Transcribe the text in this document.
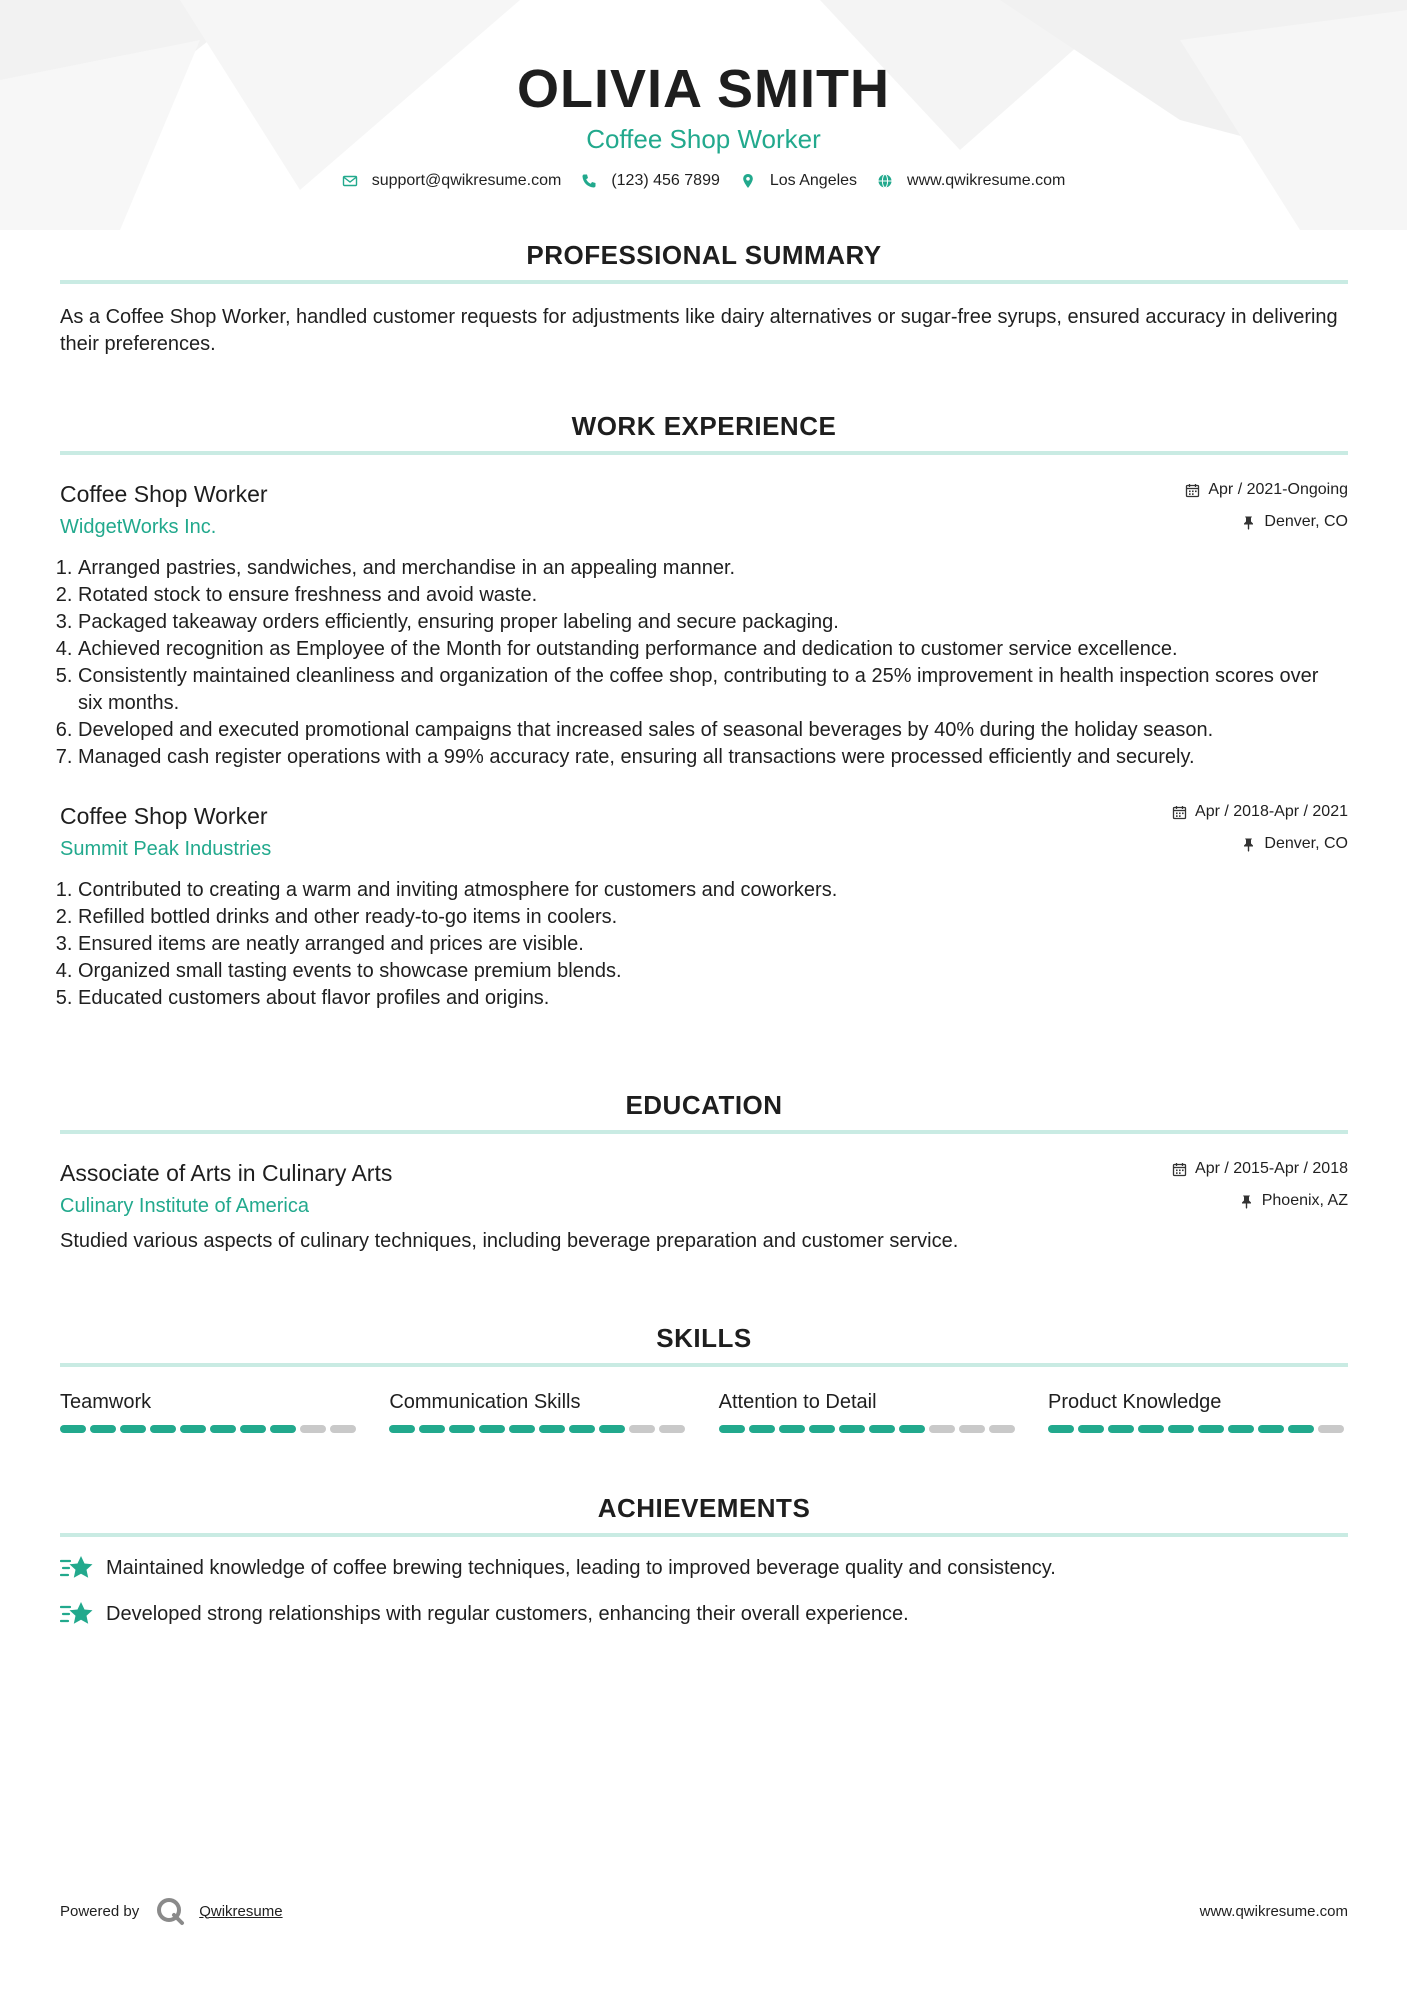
OLIVIA SMITH
Coffee Shop Worker
support@qwikresume.com	(123) 456 7899	Los Angeles	www.qwikresume.com
PROFESSIONAL SUMMARY
As a Coffee Shop Worker, handled customer requests for adjustments like dairy alternatives or sugar-free syrups, ensured accuracy in delivering their preferences.
WORK EXPERIENCE
Coffee Shop Worker
WidgetWorks Inc.
Apr / 2021-Ongoing
Denver, CO
1. Arranged pastries, sandwiches, and merchandise in an appealing manner.
2. Rotated stock to ensure freshness and avoid waste.
3. Packaged takeaway orders efficiently, ensuring proper labeling and secure packaging.
4. Achieved recognition as Employee of the Month for outstanding performance and dedication to customer service excellence.
5. Consistently maintained cleanliness and organization of the coffee shop, contributing to a 25% improvement in health inspection scores over six months.
6. Developed and executed promotional campaigns that increased sales of seasonal beverages by 40% during the holiday season.
7. Managed cash register operations with a 99% accuracy rate, ensuring all transactions were processed efficiently and securely.
Coffee Shop Worker
Summit Peak Industries
Apr / 2018-Apr / 2021
Denver, CO
1. Contributed to creating a warm and inviting atmosphere for customers and coworkers.
2. Refilled bottled drinks and other ready-to-go items in coolers.
3. Ensured items are neatly arranged and prices are visible.
4. Organized small tasting events to showcase premium blends.
5. Educated customers about flavor profiles and origins.
EDUCATION
Associate of Arts in Culinary Arts
Culinary Institute of America
Apr / 2015-Apr / 2018
Phoenix, AZ
Studied various aspects of culinary techniques, including beverage preparation and customer service.
SKILLS
Teamwork	Communication Skills	Attention to Detail	Product Knowledge
ACHIEVEMENTS
Maintained knowledge of coffee brewing techniques, leading to improved beverage quality and consistency.
Developed strong relationships with regular customers, enhancing their overall experience.
Powered by	Qwikresume	www.qwikresume.com
